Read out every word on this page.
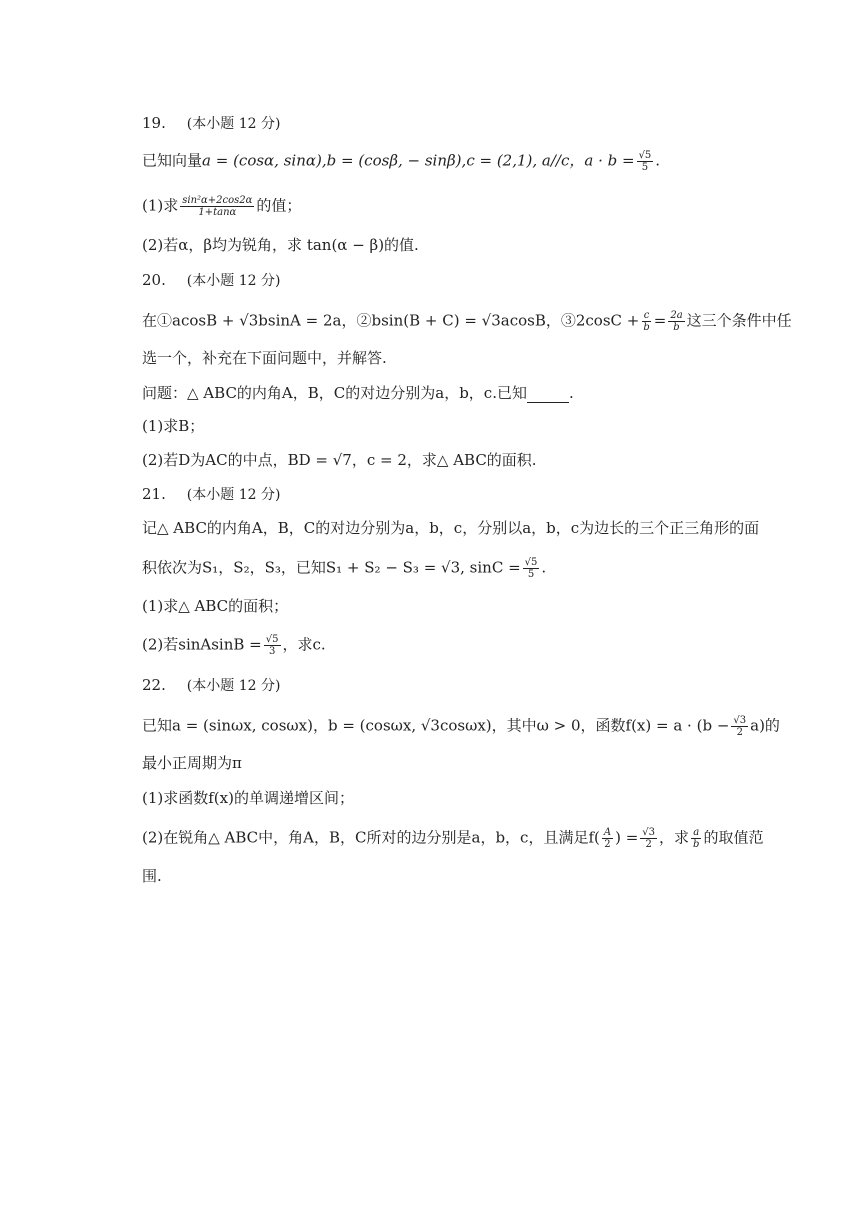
19. (本小题 12 分)
已知向量a = (cosα, sinα),b = (cosβ, − sinβ),c = (2,1), a//c，$a \cdot b = \frac{√5}{5}$ .
(1)求 $\frac{\text{sin²α+2cos2α}}{1+\tan\alpha}$ 的值；
(2)若α，β均为锐角，求 tan(α − β)的值.
20. (本小题 12 分)
在①acosB + √3bsinA = 2a，②bsin(B + C) = √3acosB，③2cosC + $\frac{c}{b} = \frac{2a}{b}$ 这三个条件中任
选一个，补充在下面问题中，并解答.
问题：△ ABC的内角A，B，C的对边分别为a，b，c.已知	.
(1)求B；
(2)若D为AC的中点，BD = √7，c = 2，求△ ABC的面积.
21. (本小题 12 分)
记△ ABC的内角A，B，C的对边分别为a，b，c，分别以a，b，c为边长的三个正三角形的面
积依次为S₁，S₂，S₃，已知S₁ + S₂ − S₃ = √3, $\sin C = \frac{√5}{5}$ .
(1)求△ ABC的面积；
(2)若sinAsinB = $\frac{√5}{3}$ ，求c.
22. (本小题 12 分)
已知a = (sinωx, cosωx)，b = (cosωx, √3cosωx)，其中ω > 0，函数$f(x) = a \cdot (b - \frac{√3}{2} a)$的
最小正周期为π
(1)求函数f(x)的单调递增区间；
(2)在锐角△ ABC中，角A，B，C所对的边分别是a，b，c，且满足$f( \frac{A}{2}$ ) = $\frac{√3}{2}$ ，求 $\frac{a}{b}$ 的取值范
围.
